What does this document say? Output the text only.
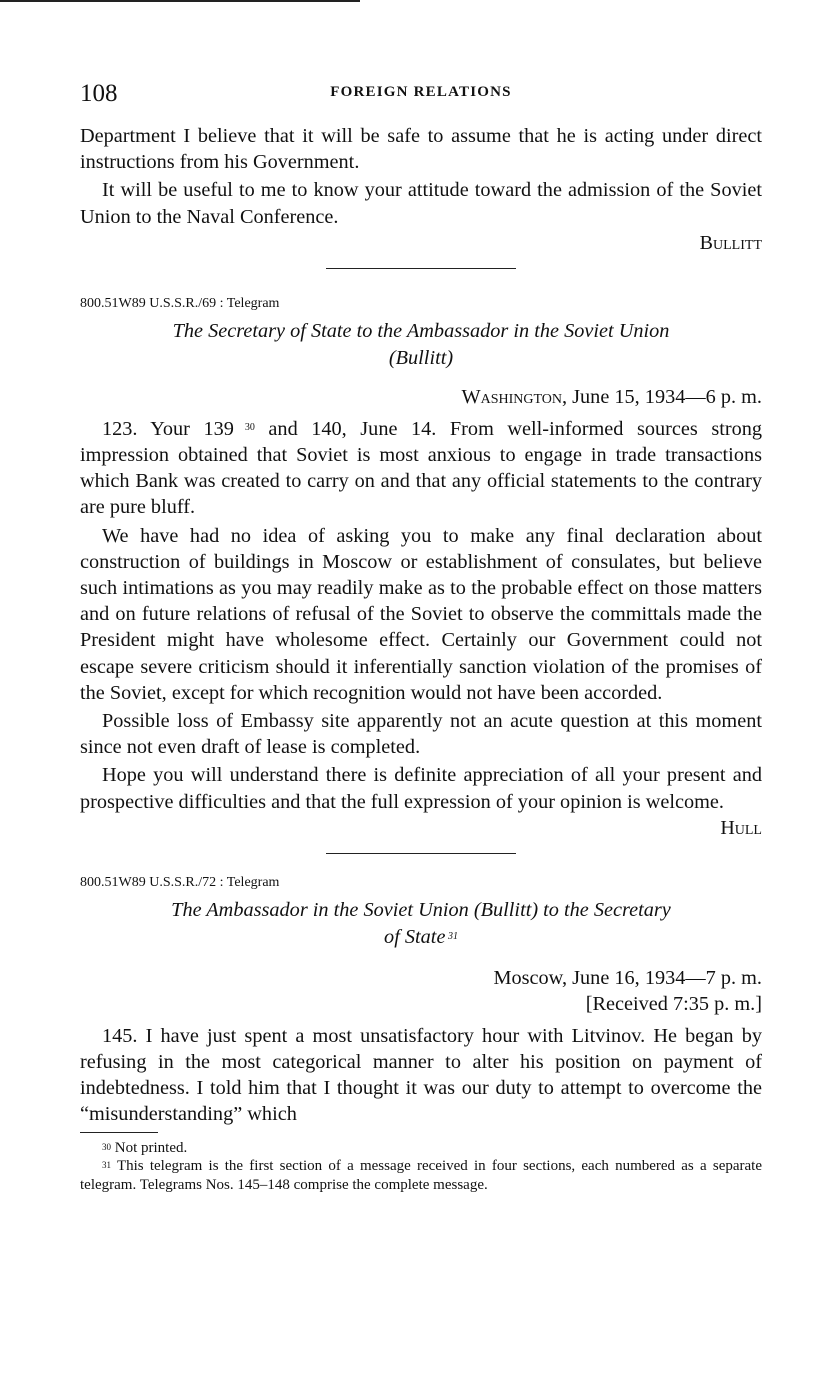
108	FOREIGN RELATIONS

Department I believe that it will be safe to assume that he is acting under direct instructions from his Government.

It will be useful to me to know your attitude toward the admission of the Soviet Union to the Naval Conference.

Bullitt
800.51W89 U.S.S.R./69 : Telegram
The Secretary of State to the Ambassador in the Soviet Union
(Bullitt)
Washington, June 15, 1934—6 p. m.

123. Your 139 $^{30}$ and 140, June 14. From well-informed sources strong impression obtained that Soviet is most anxious to engage in trade transactions which Bank was created to carry on and that any official statements to the contrary are pure bluff.

We have had no idea of asking you to make any final declaration about construction of buildings in Moscow or establishment of consulates, but believe such intimations as you may readily make as to the probable effect on those matters and on future relations of refusal of the Soviet to observe the committals made the President might have wholesome effect. Certainly our Government could not escape severe criticism should it inferentially sanction violation of the promises of the Soviet, except for which recognition would not have been accorded.

Possible loss of Embassy site apparently not an acute question at this moment since not even draft of lease is completed.

Hope you will understand there is definite appreciation of all your present and prospective difficulties and that the full expression of your opinion is welcome.

Hull
800.51W89 U.S.S.R./72 : Telegram
The Ambassador in the Soviet Union (Bullitt) to the Secretary
of State $^{31}$
Moscow, June 16, 1934—7 p. m.
[Received 7:35 p. m.]

145. I have just spent a most unsatisfactory hour with Litvinov. He began by refusing in the most categorical manner to alter his position on payment of indebtedness. I told him that I thought it was our duty to attempt to overcome the “misunderstanding” which

$^{30}$ Not printed.

$^{31}$ This telegram is the first section of a message received in four sections, each numbered as a separate telegram. Telegrams Nos. 145–148 comprise the complete message.
